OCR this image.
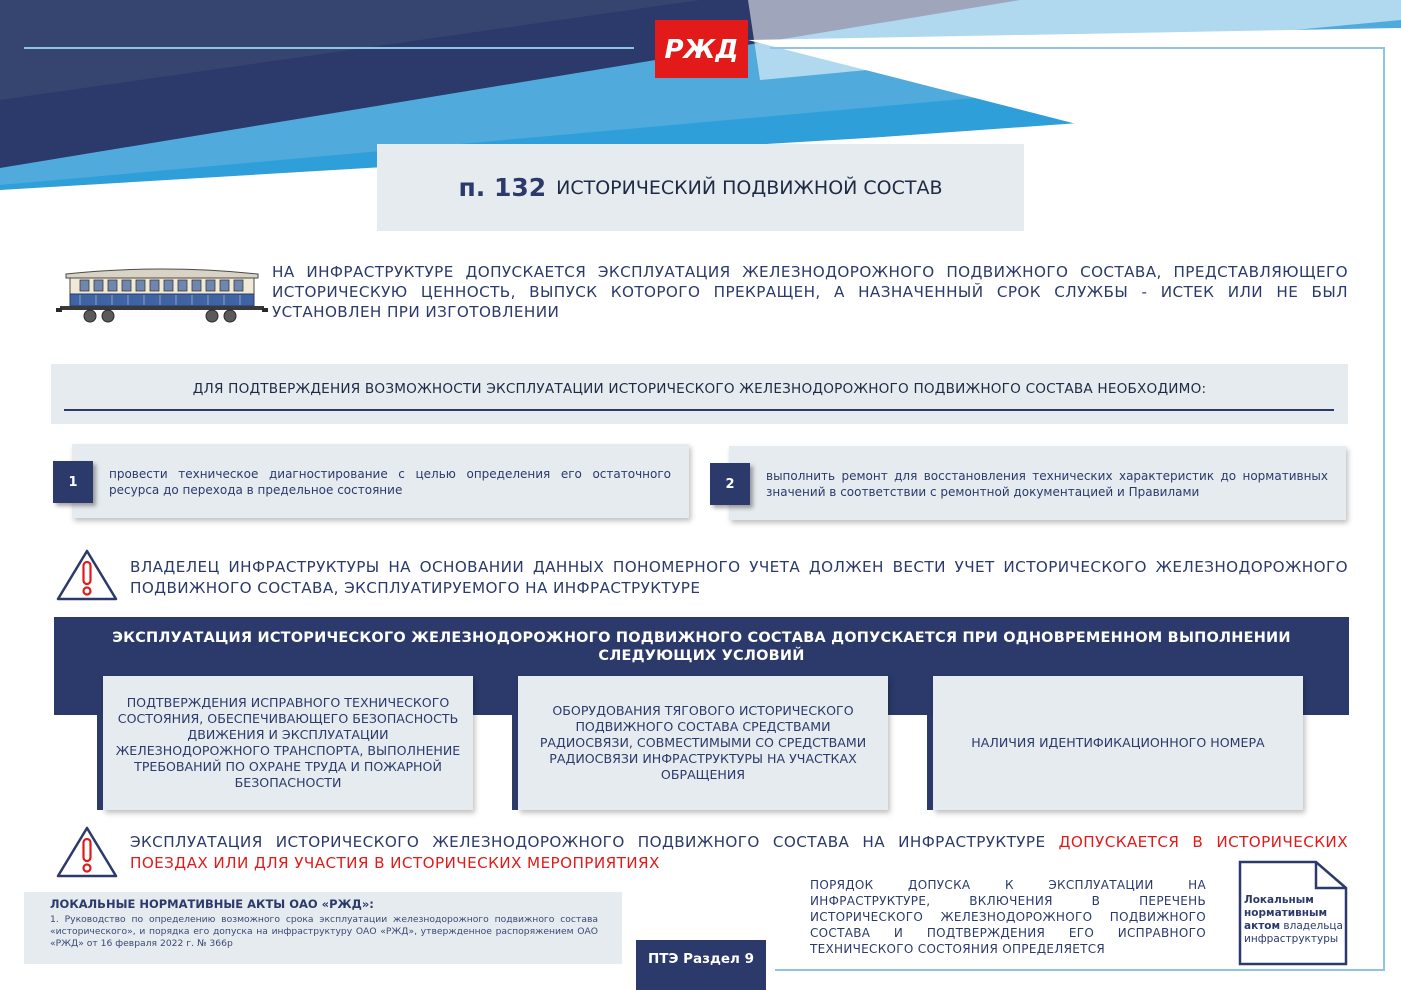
РЖД
п. 132 ИСТОРИЧЕСКИЙ ПОДВИЖНОЙ СОСТАВ
НА ИНФРАСТРУКТУРЕ ДОПУСКАЕТСЯ ЭКСПЛУАТАЦИЯ ЖЕЛЕЗНОДОРОЖНОГО ПОДВИЖНОГО СОСТАВА, ПРЕДСТАВЛЯЮЩЕГО ИСТОРИЧЕСКУЮ ЦЕННОСТЬ, ВЫПУСК КОТОРОГО ПРЕКРАЩЕН, А НАЗНАЧЕННЫЙ СРОК СЛУЖБЫ - ИСТЕК ИЛИ НЕ БЫЛ УСТАНОВЛЕН ПРИ ИЗГОТОВЛЕНИИ
ДЛЯ ПОДТВЕРЖДЕНИЯ ВОЗМОЖНОСТИ ЭКСПЛУАТАЦИИ ИСТОРИЧЕСКОГО ЖЕЛЕЗНОДОРОЖНОГО ПОДВИЖНОГО СОСТАВА НЕОБХОДИМО:
1
провести техническое диагностирование с целью определения его остаточного ресурса до перехода в предельное состояние	2
выполнить ремонт для восстановления технических характеристик до нормативных значений в соответствии с ремонтной документацией и Правилами
ВЛАДЕЛЕЦ ИНФРАСТРУКТУРЫ НА ОСНОВАНИИ ДАННЫХ ПОНОМЕРНОГО УЧЕТА ДОЛЖЕН ВЕСТИ УЧЕТ ИСТОРИЧЕСКОГО ЖЕЛЕЗНОДОРОЖНОГО ПОДВИЖНОГО СОСТАВА, ЭКСПЛУАТИРУЕМОГО НА ИНФРАСТРУКТУРЕ
ЭКСПЛУАТАЦИЯ ИСТОРИЧЕСКОГО ЖЕЛЕЗНОДОРОЖНОГО ПОДВИЖНОГО СОСТАВА ДОПУСКАЕТСЯ ПРИ ОДНОВРЕМЕННОМ ВЫПОЛНЕНИИ СЛЕДУЮЩИХ УСЛОВИЙ
ПОДТВЕРЖДЕНИЯ ИСПРАВНОГО ТЕХНИЧЕСКОГО СОСТОЯНИЯ, ОБЕСПЕЧИВАЮЩЕГО БЕЗОПАСНОСТЬ ДВИЖЕНИЯ И ЭКСПЛУАТАЦИИ ЖЕЛЕЗНОДОРОЖНОГО ТРАНСПОРТА, ВЫПОЛНЕНИЕ ТРЕБОВАНИЙ ПО ОХРАНЕ ТРУДА И ПОЖАРНОЙ БЕЗОПАСНОСТИ
ОБОРУДОВАНИЯ ТЯГОВОГО ИСТОРИЧЕСКОГО ПОДВИЖНОГО СОСТАВА СРЕДСТВАМИ РАДИОСВЯЗИ, СОВМЕСТИМЫМИ СО СРЕДСТВАМИ РАДИОСВЯЗИ ИНФРАСТРУКТУРЫ НА УЧАСТКАХ ОБРАЩЕНИЯ
НАЛИЧИЯ ИДЕНТИФИКАЦИОННОГО НОМЕРА
ЭКСПЛУАТАЦИЯ ИСТОРИЧЕСКОГО ЖЕЛЕЗНОДОРОЖНОГО ПОДВИЖНОГО СОСТАВА НА ИНФРАСТРУКТУРЕ ДОПУСКАЕТСЯ В ИСТОРИЧЕСКИХ ПОЕЗДАХ ИЛИ ДЛЯ УЧАСТИЯ В ИСТОРИЧЕСКИХ МЕРОПРИЯТИЯХ
ЛОКАЛЬНЫЕ НОРМАТИВНЫЕ АКТЫ ОАО «РЖД»:
1. Руководство по определению возможного срока эксплуатации железнодорожного подвижного состава «исторического», и порядка его допуска на инфраструктуру ОАО «РЖД», утвержденное распоряжением ОАО «РЖД» от 16 февраля 2022 г. № 366р
ПТЭ Раздел 9
ПОРЯДОК ДОПУСКА К ЭКСПЛУАТАЦИИ НА ИНФРАСТРУКТУРЕ, ВКЛЮЧЕНИЯ В ПЕРЕЧЕНЬ ИСТОРИЧЕСКОГО ЖЕЛЕЗНОДОРОЖНОГО ПОДВИЖНОГО СОСТАВА И ПОДТВЕРЖДЕНИЯ ЕГО ИСПРАВНОГО ТЕХНИЧЕСКОГО СОСТОЯНИЯ ОПРЕДЕЛЯЕТСЯ
Локальным нормативным актом владельца инфраструктуры
